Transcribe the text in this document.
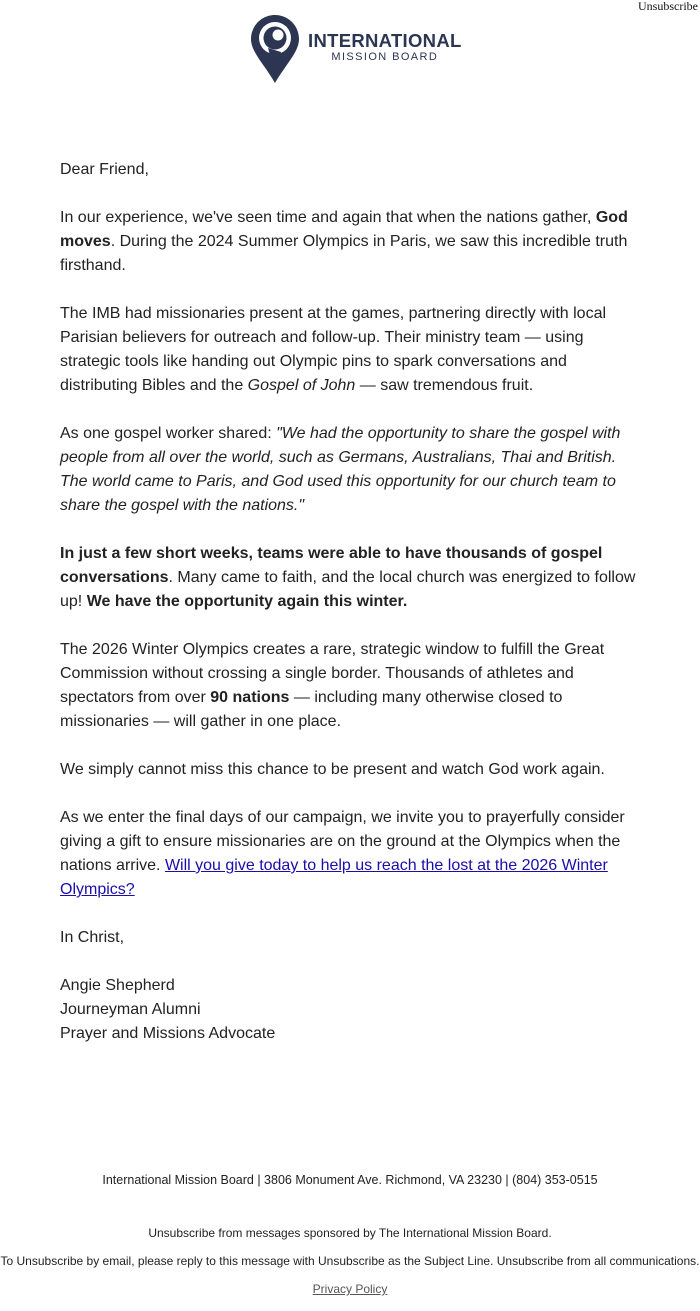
Unsubscribe
INTERNATIONAL
MISSION BOARD

Dear Friend,

In our experience, we've seen time and again that when the nations gather, God moves. During the 2024 Summer Olympics in Paris, we saw this incredible truth firsthand.

The IMB had missionaries present at the games, partnering directly with local Parisian believers for outreach and follow-up. Their ministry team — using strategic tools like handing out Olympic pins to spark conversations and distributing Bibles and the Gospel of John — saw tremendous fruit.

As one gospel worker shared: "We had the opportunity to share the gospel with people from all over the world, such as Germans, Australians, Thai and British. The world came to Paris, and God used this opportunity for our church team to share the gospel with the nations."

In just a few short weeks, teams were able to have thousands of gospel conversations. Many came to faith, and the local church was energized to follow up! We have the opportunity again this winter.

The 2026 Winter Olympics creates a rare, strategic window to fulfill the Great Commission without crossing a single border. Thousands of athletes and spectators from over 90 nations — including many otherwise closed to missionaries — will gather in one place.

We simply cannot miss this chance to be present and watch God work again.

As we enter the final days of our campaign, we invite you to prayerfully consider giving a gift to ensure missionaries are on the ground at the Olympics when the nations arrive. Will you give today to help us reach the lost at the 2026 Winter Olympics?

In Christ,

Angie Shepherd

Journeyman Alumni

Prayer and Missions Advocate

International Mission Board | 3806 Monument Ave. Richmond, VA 23230 | (804) 353-0515
Unsubscribe from messages sponsored by The International Mission Board.
To Unsubscribe by email, please reply to this message with Unsubscribe as the Subject Line. Unsubscribe from all communications.
Privacy Policy
